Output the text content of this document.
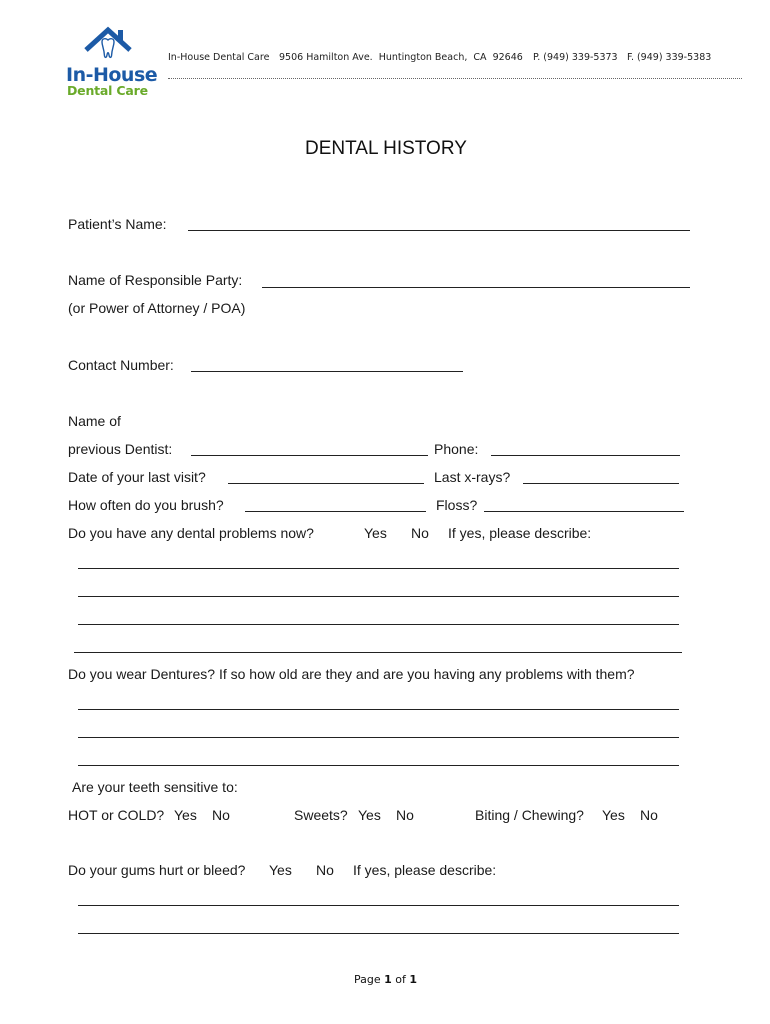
In-House
Dental Care
In-House Dental Care 9506 Hamilton Ave.  Huntington Beach,  CA  92646 P. (949) 339-5373 F. (949) 339-5383
DENTAL HISTORY
Patient’s Name:
Name of Responsible Party:
(or Power of Attorney / POA)
Contact Number:
Name of
previous Dentist:	Phone:
Date of your last visit?	Last x-rays?
How often do you brush?	Floss?
Do you have any dental problems now?	Yes No If yes, please describe:
Do you wear Dentures? If so how old are they and are you having any problems with them?
Are your teeth sensitive to:
HOT or COLD? Yes No	Sweets? Yes No	Biting / Chewing? Yes No
Do your gums hurt or bleed? Yes No If yes, please describe:
Page 1 of 1
